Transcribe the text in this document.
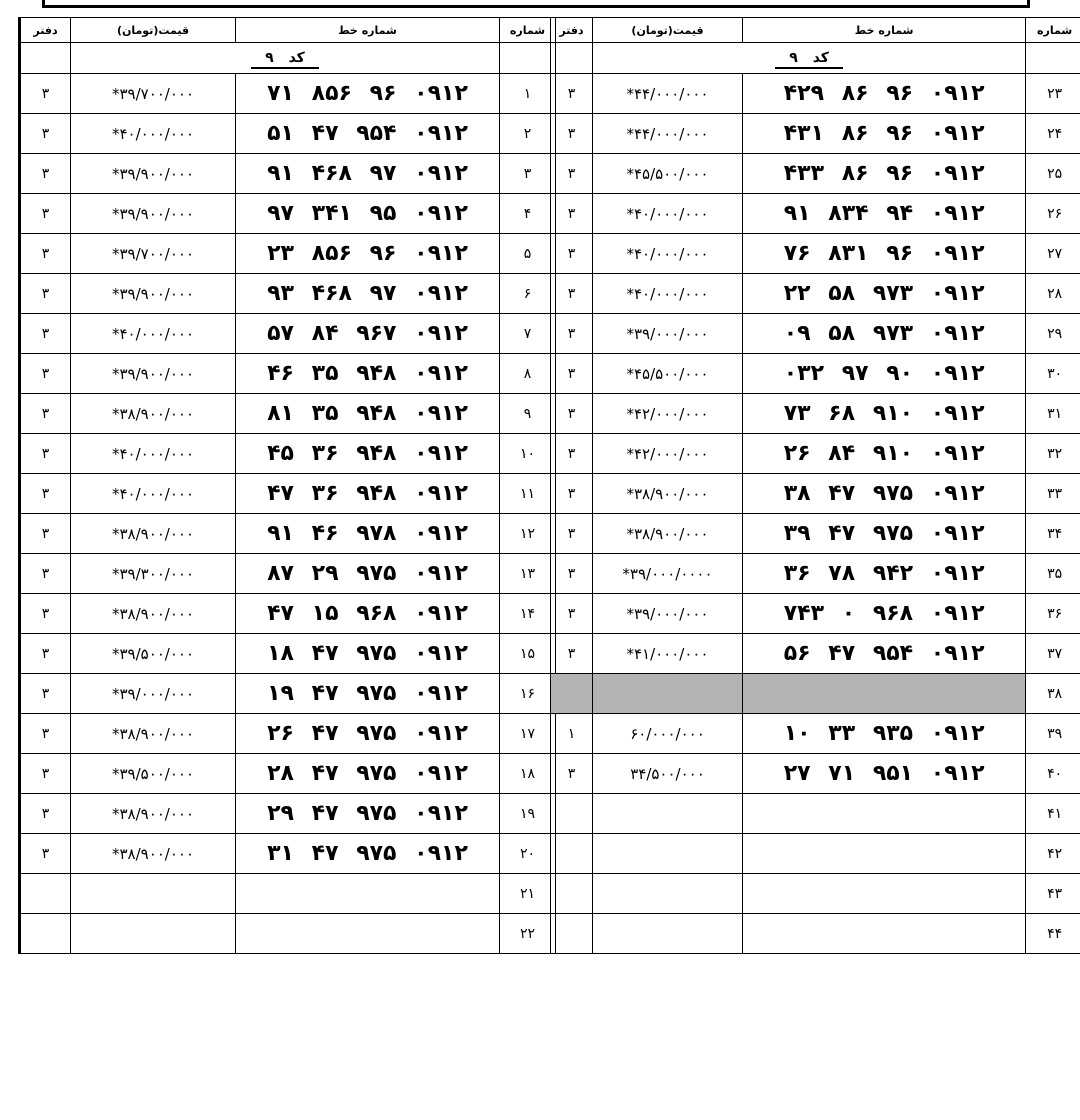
شماره	شماره خط	قیمت(تومان)	دفتر
	کد ۹		
۱	۰۹۱۲ ۹۶ ۸۵۶ ۷۱	۳۹/۷۰۰/۰۰۰*	۳
۲	۰۹۱۲ ۹۵۴ ۴۷ ۵۱	۴۰/۰۰۰/۰۰۰*	۳
۳	۰۹۱۲ ۹۷ ۴۶۸ ۹۱	۳۹/۹۰۰/۰۰۰*	۳
۴	۰۹۱۲ ۹۵ ۳۴۱ ۹۷	۳۹/۹۰۰/۰۰۰*	۳
۵	۰۹۱۲ ۹۶ ۸۵۶ ۲۳	۳۹/۷۰۰/۰۰۰*	۳
۶	۰۹۱۲ ۹۷ ۴۶۸ ۹۳	۳۹/۹۰۰/۰۰۰*	۳
۷	۰۹۱۲ ۹۶۷ ۸۴ ۵۷	۴۰/۰۰۰/۰۰۰*	۳
۸	۰۹۱۲ ۹۴۸ ۳۵ ۴۶	۳۹/۹۰۰/۰۰۰*	۳
۹	۰۹۱۲ ۹۴۸ ۳۵ ۸۱	۳۸/۹۰۰/۰۰۰*	۳
۱۰	۰۹۱۲ ۹۴۸ ۳۶ ۴۵	۴۰/۰۰۰/۰۰۰*	۳
۱۱	۰۹۱۲ ۹۴۸ ۳۶ ۴۷	۴۰/۰۰۰/۰۰۰*	۳
۱۲	۰۹۱۲ ۹۷۸ ۴۶ ۹۱	۳۸/۹۰۰/۰۰۰*	۳
۱۳	۰۹۱۲ ۹۷۵ ۲۹ ۸۷	۳۹/۳۰۰/۰۰۰*	۳
۱۴	۰۹۱۲ ۹۶۸ ۱۵ ۴۷	۳۸/۹۰۰/۰۰۰*	۳
۱۵	۰۹۱۲ ۹۷۵ ۴۷ ۱۸	۳۹/۵۰۰/۰۰۰*	۳
۱۶	۰۹۱۲ ۹۷۵ ۴۷ ۱۹	۳۹/۰۰۰/۰۰۰*	۳
۱۷	۰۹۱۲ ۹۷۵ ۴۷ ۲۶	۳۸/۹۰۰/۰۰۰*	۳
۱۸	۰۹۱۲ ۹۷۵ ۴۷ ۲۸	۳۹/۵۰۰/۰۰۰*	۳
۱۹	۰۹۱۲ ۹۷۵ ۴۷ ۲۹	۳۸/۹۰۰/۰۰۰*	۳
۲۰	۰۹۱۲ ۹۷۵ ۴۷ ۳۱	۳۸/۹۰۰/۰۰۰*	۳
۲۱			
۲۲			
شماره	شماره خط	قیمت(تومان)	دفتر
	کد ۹		
۲۳	۰۹۱۲ ۹۶ ۸۶ ۴۲۹	۴۴/۰۰۰/۰۰۰*	۳
۲۴	۰۹۱۲ ۹۶ ۸۶ ۴۳۱	۴۴/۰۰۰/۰۰۰*	۳
۲۵	۰۹۱۲ ۹۶ ۸۶ ۴۳۳	۴۵/۵۰۰/۰۰۰*	۳
۲۶	۰۹۱۲ ۹۴ ۸۳۴ ۹۱	۴۰/۰۰۰/۰۰۰*	۳
۲۷	۰۹۱۲ ۹۶ ۸۳۱ ۷۶	۴۰/۰۰۰/۰۰۰*	۳
۲۸	۰۹۱۲ ۹۷۳ ۵۸ ۲۲	۴۰/۰۰۰/۰۰۰*	۳
۲۹	۰۹۱۲ ۹۷۳ ۵۸ ۰۹	۳۹/۰۰۰/۰۰۰*	۳
۳۰	۰۹۱۲ ۹۰ ۹۷ ۰۳۲	۴۵/۵۰۰/۰۰۰*	۳
۳۱	۰۹۱۲ ۹۱۰ ۶۸ ۷۳	۴۲/۰۰۰/۰۰۰*	۳
۳۲	۰۹۱۲ ۹۱۰ ۸۴ ۲۶	۴۲/۰۰۰/۰۰۰*	۳
۳۳	۰۹۱۲ ۹۷۵ ۴۷ ۳۸	۳۸/۹۰۰/۰۰۰*	۳
۳۴	۰۹۱۲ ۹۷۵ ۴۷ ۳۹	۳۸/۹۰۰/۰۰۰*	۳
۳۵	۰۹۱۲ ۹۴۲ ۷۸ ۳۶	۳۹/۰۰۰/۰۰۰۰*	۳
۳۶	۰۹۱۲ ۹۶۸ ۰ ۷۴۳	۳۹/۰۰۰/۰۰۰*	۳
۳۷	۰۹۱۲ ۹۵۴ ۴۷ ۵۶	۴۱/۰۰۰/۰۰۰*	۳
۳۸			
۳۹	۰۹۱۲ ۹۳۵ ۳۳ ۱۰	۶۰/۰۰۰/۰۰۰	۱
۴۰	۰۹۱۲ ۹۵۱ ۷۱ ۲۷	۳۴/۵۰۰/۰۰۰	۳
۴۱			
۴۲			
۴۳			
۴۴			
